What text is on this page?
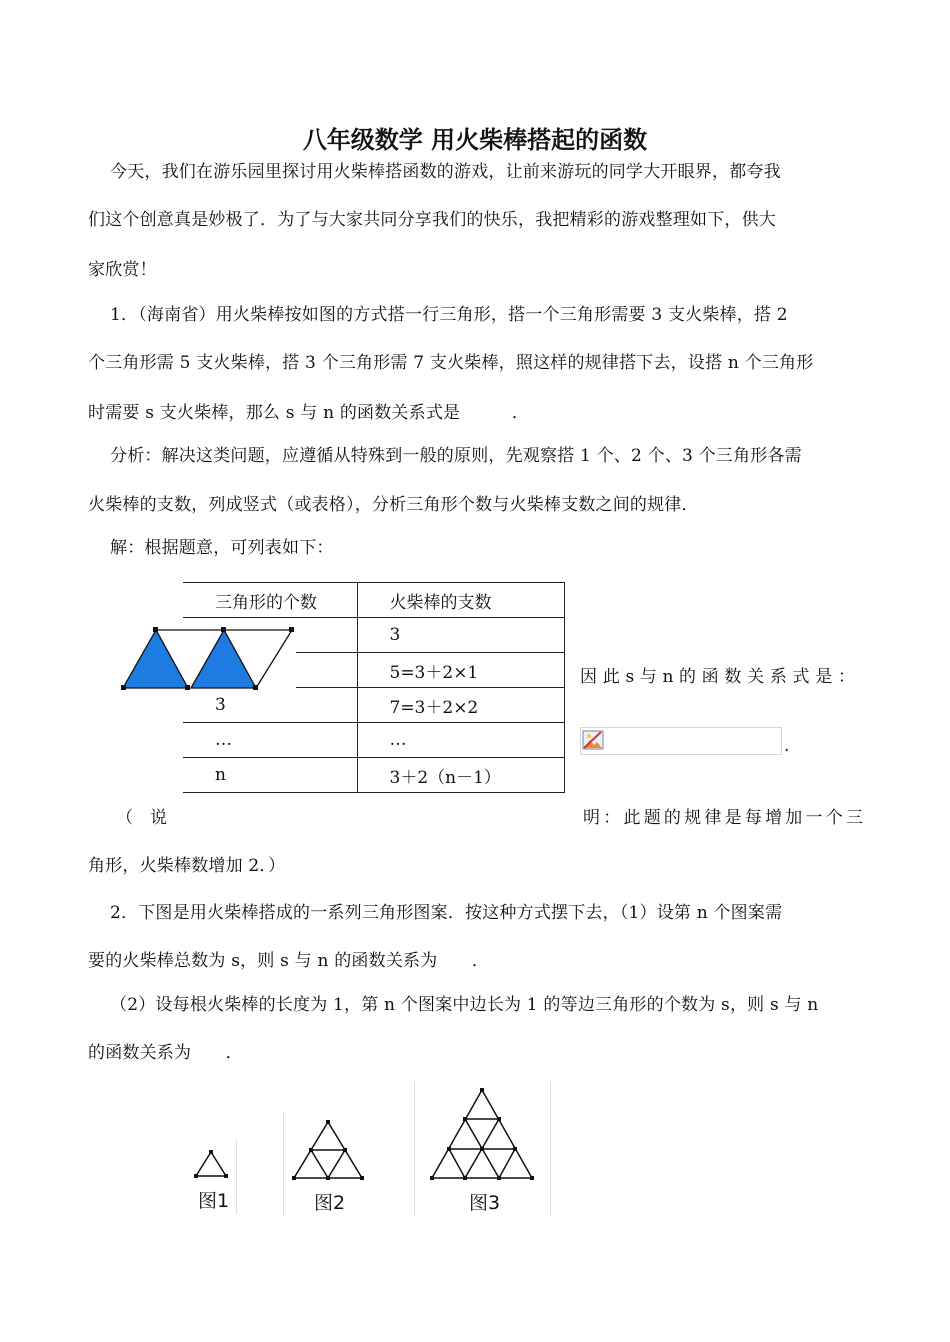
八年级数学 用火柴棒搭起的函数
今天，我们在游乐园里探讨用火柴棒搭函数的游戏，让前来游玩的同学大开眼界，都夸我
们这个创意真是妙极了．为了与大家共同分享我们的快乐，我把精彩的游戏整理如下，供大
家欣赏！
1．（海南省）用火柴棒按如图的方式搭一行三角形，搭一个三角形需要 3 支火柴棒，搭 2
个三角形需 5 支火柴棒，搭 3 个三角形需 7 支火柴棒，照这样的规律搭下去，设搭 n 个三角形
时需要 s 支火柴棒，那么 s 与 n 的函数关系式是　　　．
分析：解决这类问题，应遵循从特殊到一般的原则，先观察搭 1 个、2 个、3 个三角形各需
火柴棒的支数，列成竖式（或表格），分析三角形个数与火柴棒支数之间的规律．
解：根据题意，可列表如下：
三角形的个数	火柴棒的支数
	3
	5=3＋2×1
3	7=3＋2×2
…	…
n	3＋2（n－1）
因 此 s 与 n 的 函 数 关 系 式 是 ：
.
（ 说	明：此题的规律是每增加一个三
角形，火柴棒数增加 2．）
2．下图是用火柴棒搭成的一系列三角形图案．按这种方式摆下去，（1）设第 n 个图案需
要的火柴棒总数为 s，则 s 与 n 的函数关系为　　．
（2）设每根火柴棒的长度为 1，第 n 个图案中边长为 1 的等边三角形的个数为 s，则 s 与 n
的函数关系为　　．
图1	图2	图3
